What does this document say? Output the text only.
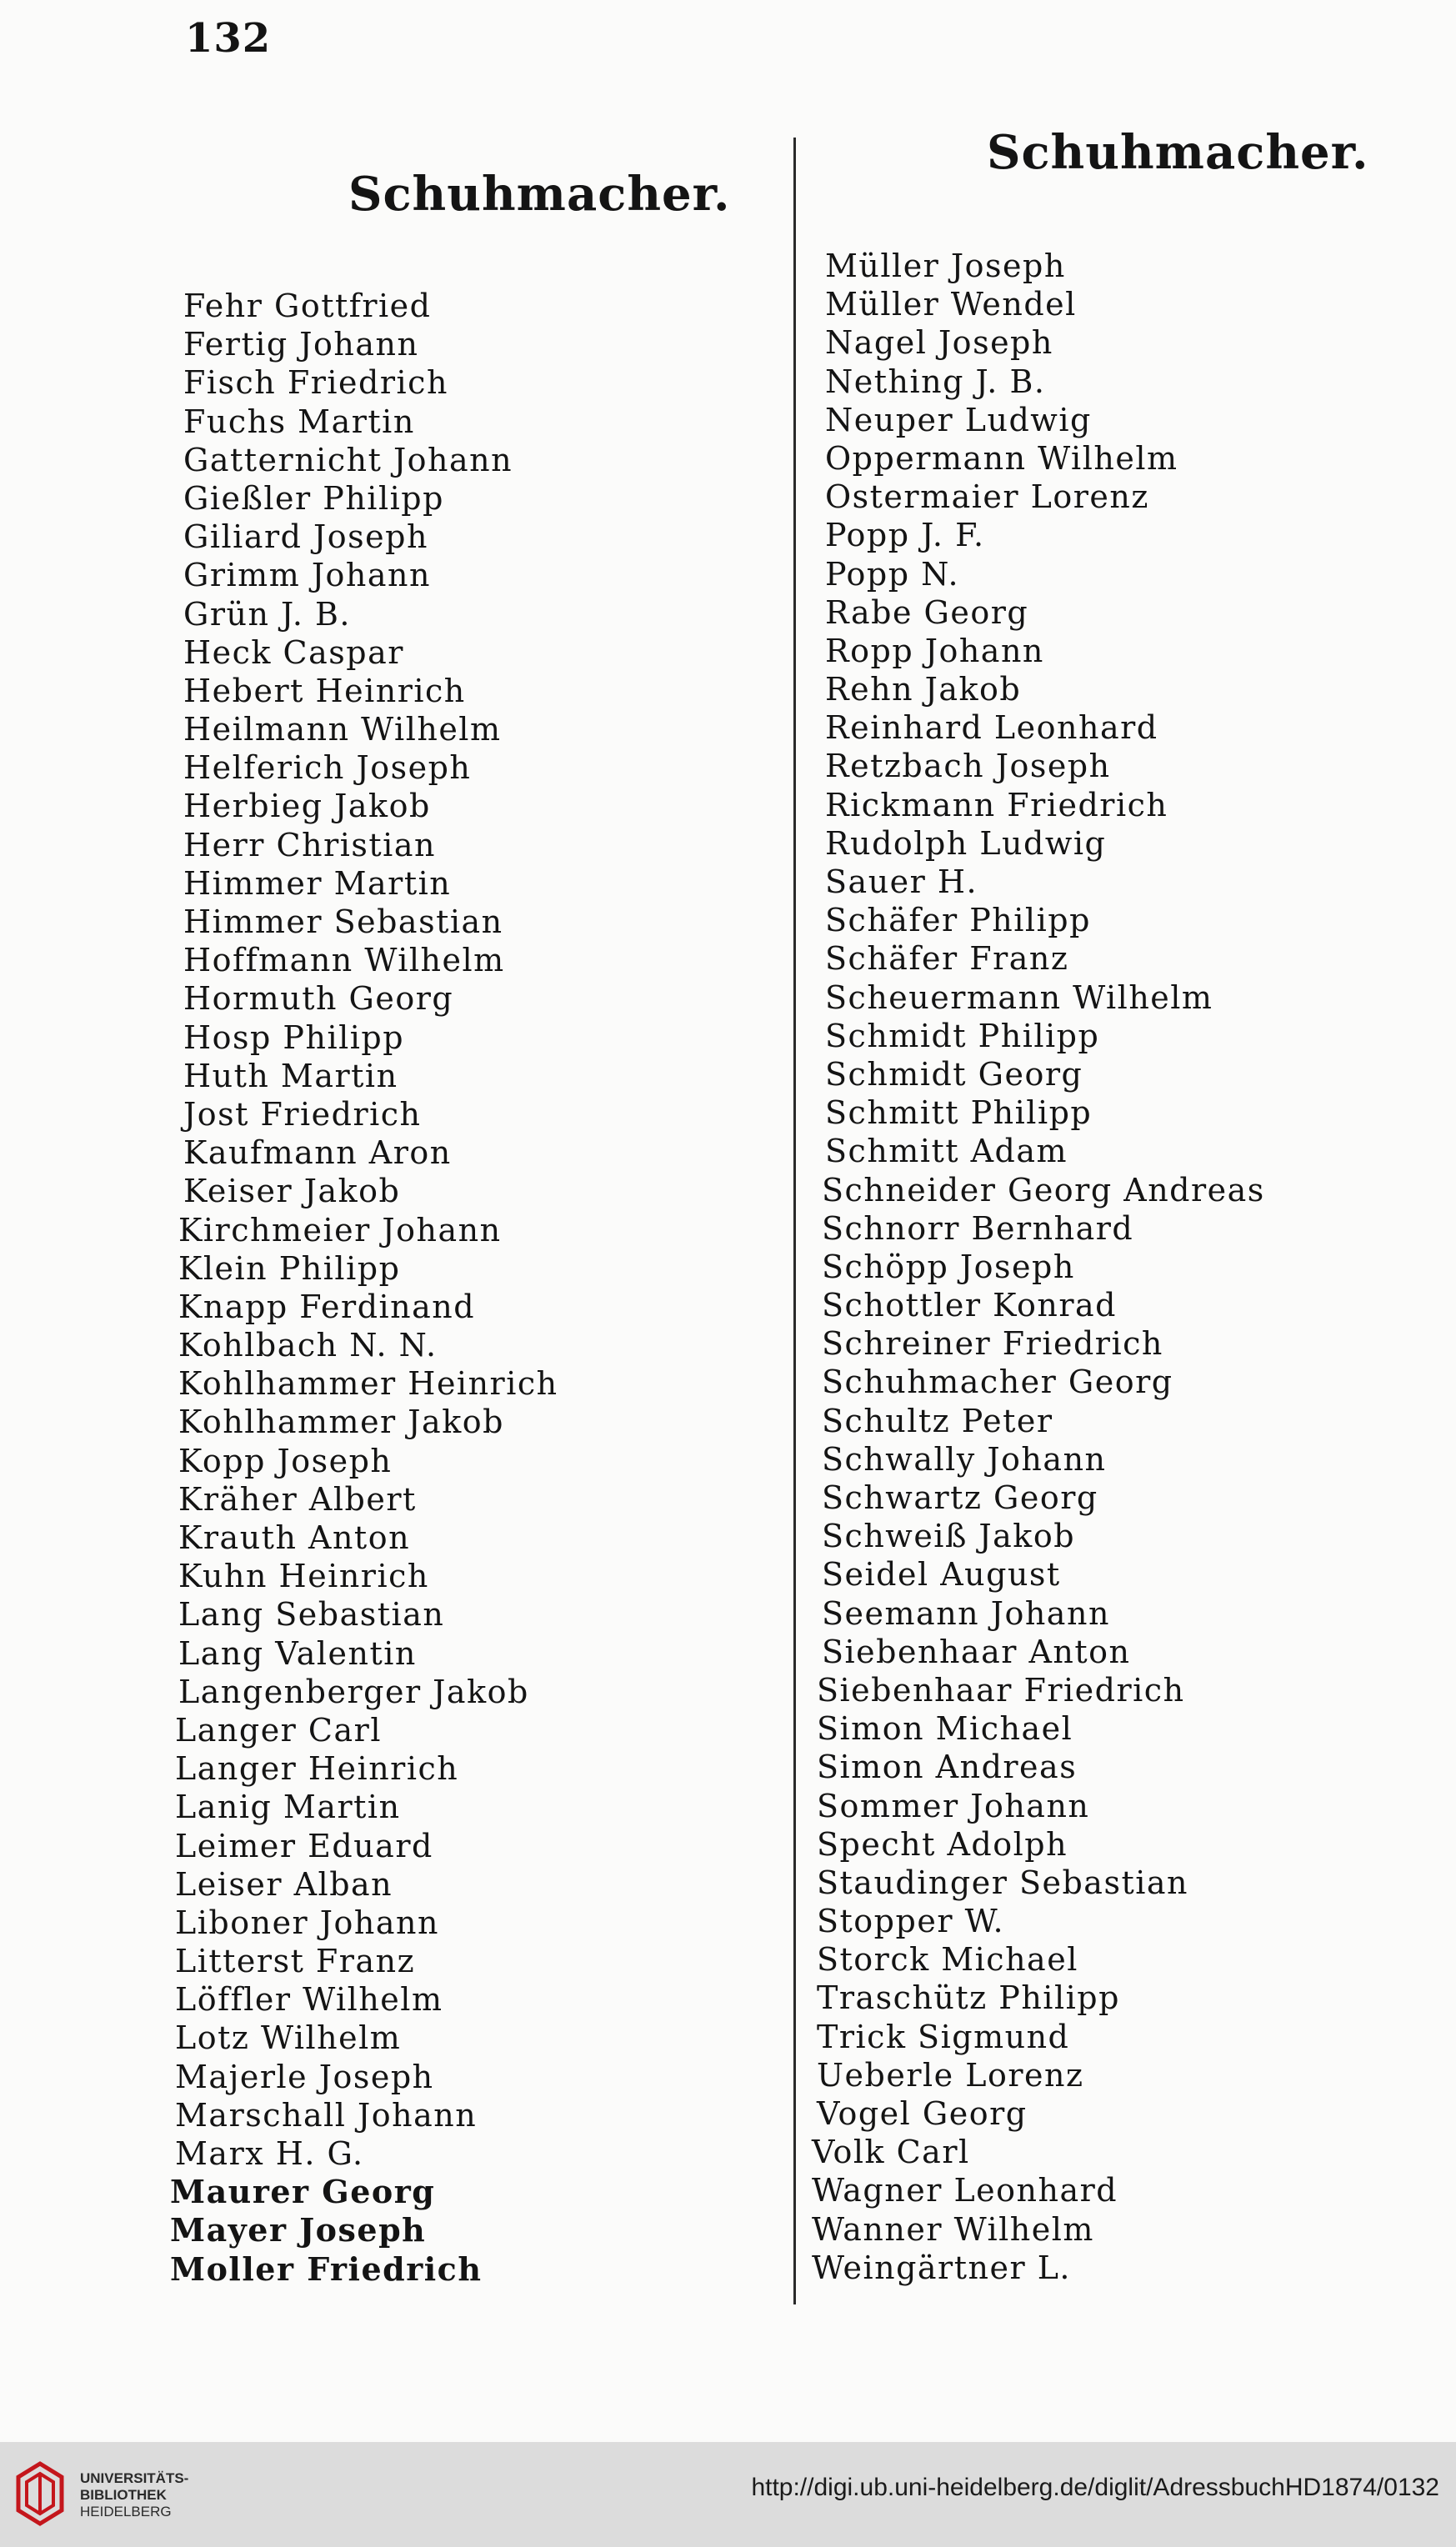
132
Schuhmacher.
Schuhmacher.
Fehr Gottfried
Fertig Johann
Fisch Friedrich
Fuchs Martin
Gatternicht Johann
Gießler Philipp
Giliard Joseph
Grimm Johann
Grün J. B.
Heck Caspar
Hebert Heinrich
Heilmann Wilhelm
Helferich Joseph
Herbieg Jakob
Herr Christian
Himmer Martin
Himmer Sebastian
Hoffmann Wilhelm
Hormuth Georg
Hosp Philipp
Huth Martin
Jost Friedrich
Kaufmann Aron
Keiser Jakob
Kirchmeier Johann
Klein Philipp
Knapp Ferdinand
Kohlbach N. N.
Kohlhammer Heinrich
Kohlhammer Jakob
Kopp Joseph
Kräher Albert
Krauth Anton
Kuhn Heinrich
Lang Sebastian
Lang Valentin
Langenberger Jakob
Langer Carl
Langer Heinrich
Lanig Martin
Leimer Eduard
Leiser Alban
Liboner Johann
Litterst Franz
Löffler Wilhelm
Lotz Wilhelm
Majerle Joseph
Marschall Johann
Marx H. G.
Maurer Georg
Mayer Joseph
Moller Friedrich
Müller Joseph
Müller Wendel
Nagel Joseph
Nething J. B.
Neuper Ludwig
Oppermann Wilhelm
Ostermaier Lorenz
Popp J. F.
Popp N.
Rabe Georg
Ropp Johann
Rehn Jakob
Reinhard Leonhard
Retzbach Joseph
Rickmann Friedrich
Rudolph Ludwig
Sauer H.
Schäfer Philipp
Schäfer Franz
Scheuermann Wilhelm
Schmidt Philipp
Schmidt Georg
Schmitt Philipp
Schmitt Adam
Schneider Georg Andreas
Schnorr Bernhard
Schöpp Joseph
Schottler Konrad
Schreiner Friedrich
Schuhmacher Georg
Schultz Peter
Schwally Johann
Schwartz Georg
Schweiß Jakob
Seidel August
Seemann Johann
Siebenhaar Anton
Siebenhaar Friedrich
Simon Michael
Simon Andreas
Sommer Johann
Specht Adolph
Staudinger Sebastian
Stopper W.
Storck Michael
Traschütz Philipp
Trick Sigmund
Ueberle Lorenz
Vogel Georg
Volk Carl
Wagner Leonhard
Wanner Wilhelm
Weingärtner L.
UNIVERSITÄTS-
BIBLIOTHEK
HEIDELBERG
http://digi.ub.uni-heidelberg.de/diglit/AdressbuchHD1874/0132
